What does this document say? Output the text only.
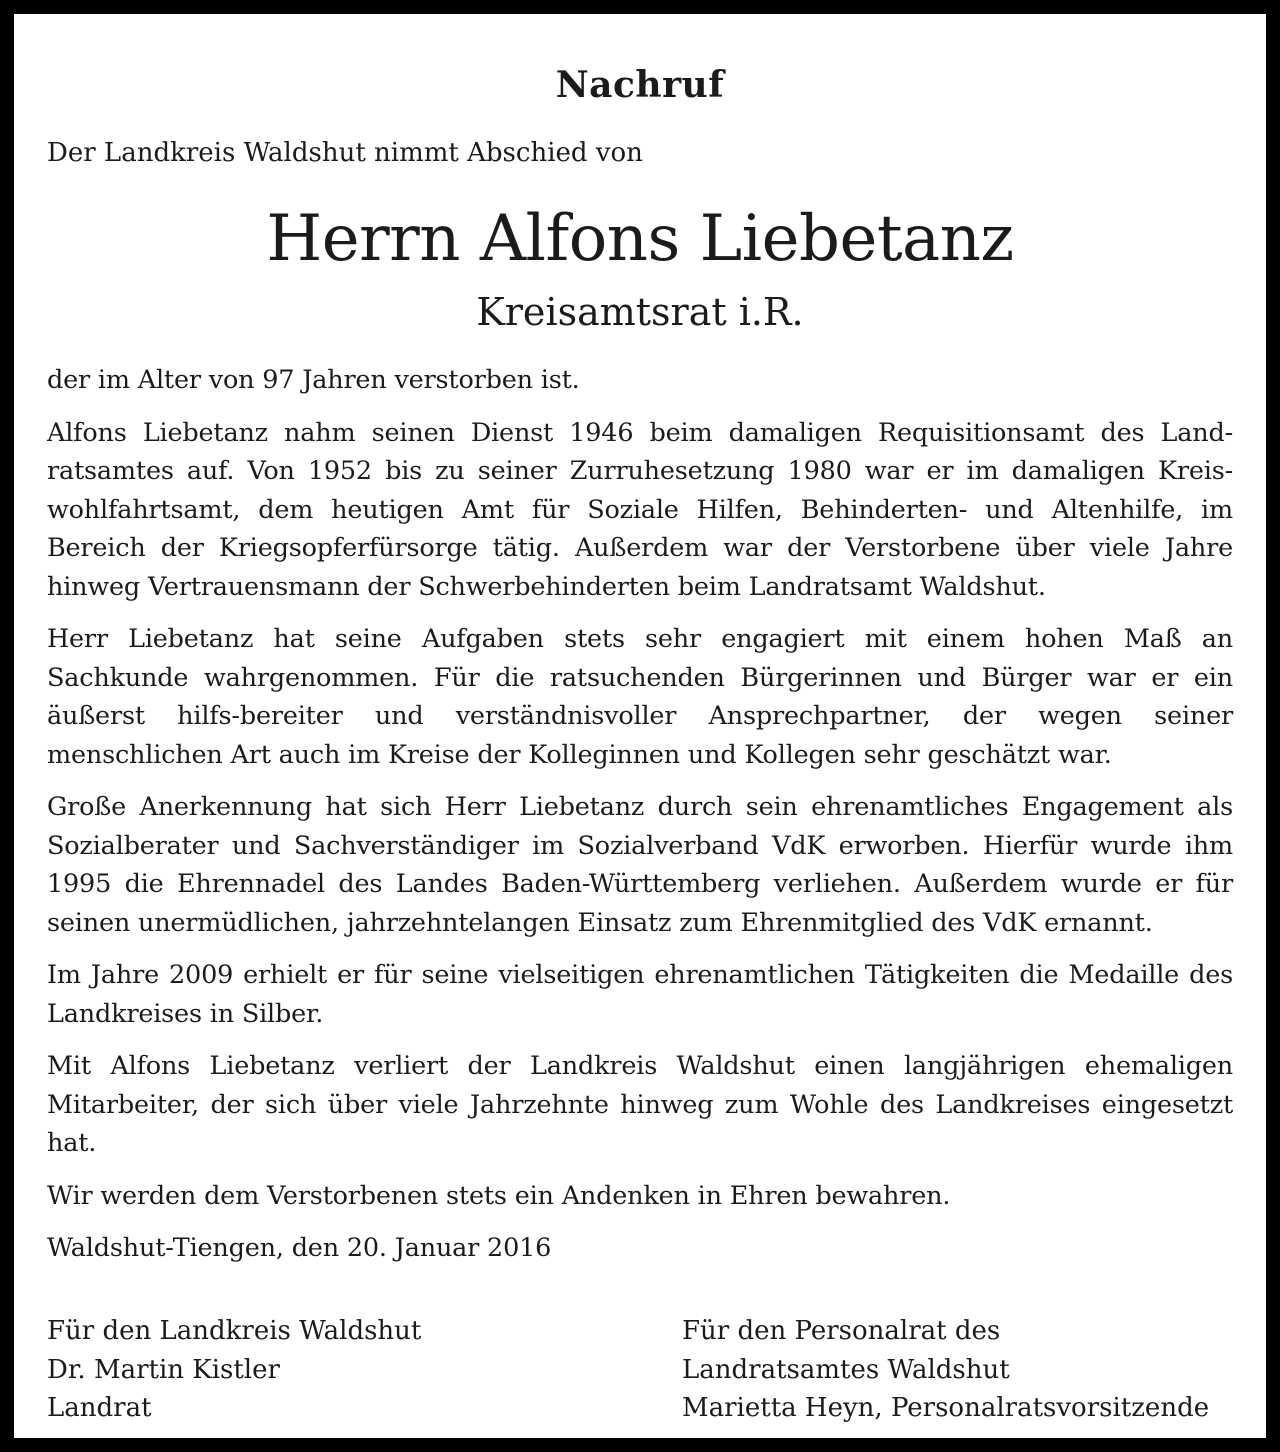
Nachruf
Der Landkreis Waldshut nimmt Abschied von
Herrn Alfons Liebetanz
Kreisamtsrat i.R.

der im Alter von 97 Jahren verstorben ist.

Alfons Liebetanz nahm seinen Dienst 1946 beim damaligen Requisitionsamt des Land-ratsamtes auf. Von 1952 bis zu seiner Zurruhesetzung 1980 war er im damaligen Kreis-wohlfahrtsamt, dem heutigen Amt für Soziale Hilfen, Behinderten- und Altenhilfe, im Bereich der Kriegsopferfürsorge tätig. Außerdem war der Verstorbene über viele Jahre hinweg Vertrauensmann der Schwerbehinderten beim Landratsamt Waldshut.

Herr Liebetanz hat seine Aufgaben stets sehr engagiert mit einem hohen Maß an Sachkunde wahrgenommen. Für die ratsuchenden Bürgerinnen und Bürger war er ein äußerst hilfs-bereiter und verständnisvoller Ansprechpartner, der wegen seiner menschlichen Art auch im Kreise der Kolleginnen und Kollegen sehr geschätzt war.

Große Anerkennung hat sich Herr Liebetanz durch sein ehrenamtliches Engagement als Sozialberater und Sachverständiger im Sozialverband VdK erworben. Hierfür wurde ihm 1995 die Ehrennadel des Landes Baden-Württemberg verliehen. Außerdem wurde er für seinen unermüdlichen, jahrzehntelangen Einsatz zum Ehrenmitglied des VdK ernannt.

Im Jahre 2009 erhielt er für seine vielseitigen ehrenamtlichen Tätigkeiten die Medaille des Landkreises in Silber.

Mit Alfons Liebetanz verliert der Landkreis Waldshut einen langjährigen ehemaligen Mitarbeiter, der sich über viele Jahrzehnte hinweg zum Wohle des Landkreises eingesetzt hat.

Wir werden dem Verstorbenen stets ein Andenken in Ehren bewahren.

Waldshut-Tiengen, den 20. Januar 2016

Für den Landkreis Waldshut
Dr. Martin Kistler
Landrat
Für den Personalrat des
Landratsamtes Waldshut
Marietta Heyn, Personalratsvorsitzende
